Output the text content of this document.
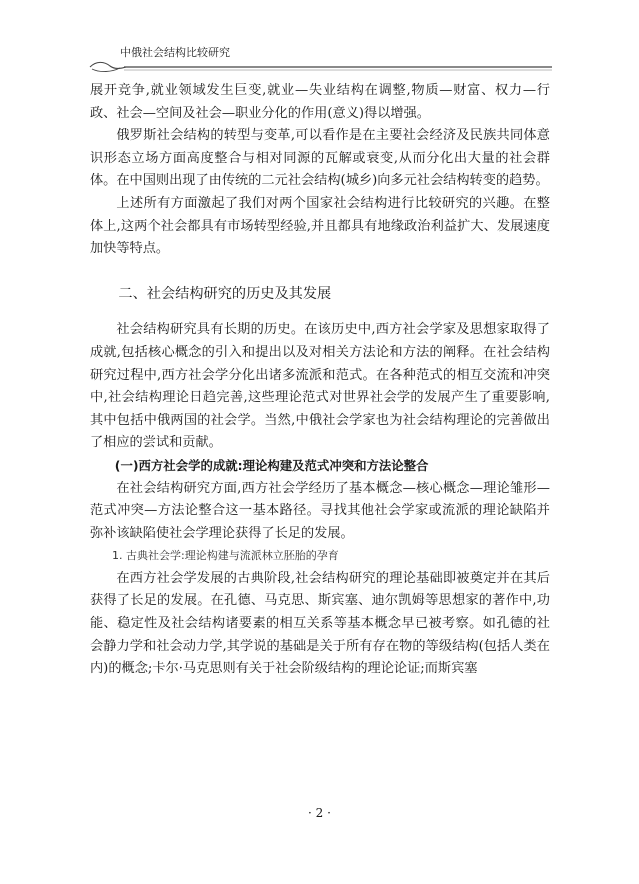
中俄社会结构比较研究

展开竞争,就业领域发生巨变,就业—失业结构在调整,物质—财富、权力—行政、社会—空间及社会—职业分化的作用(意义)得以增强。

俄罗斯社会结构的转型与变革,可以看作是在主要社会经济及民族共同体意识形态立场方面高度整合与相对同源的瓦解或衰变,从而分化出大量的社会群体。在中国则出现了由传统的二元社会结构(城乡)向多元社会结构转变的趋势。

上述所有方面激起了我们对两个国家社会结构进行比较研究的兴趣。在整体上,这两个社会都具有市场转型经验,并且都具有地缘政治利益扩大、发展速度加快等特点。

二、社会结构研究的历史及其发展

社会结构研究具有长期的历史。在该历史中,西方社会学家及思想家取得了成就,包括核心概念的引入和提出以及对相关方法论和方法的阐释。在社会结构研究过程中,西方社会学分化出诸多流派和范式。在各种范式的相互交流和冲突中,社会结构理论日趋完善,这些理论范式对世界社会学的发展产生了重要影响,其中包括中俄两国的社会学。当然,中俄社会学家也为社会结构理论的完善做出了相应的尝试和贡献。

(一)西方社会学的成就:理论构建及范式冲突和方法论整合

在社会结构研究方面,西方社会学经历了基本概念—核心概念—理论雏形—范式冲突—方法论整合这一基本路径。寻找其他社会学家或流派的理论缺陷并弥补该缺陷使社会学理论获得了长足的发展。

1. 古典社会学:理论构建与流派林立胚胎的孕育

在西方社会学发展的古典阶段,社会结构研究的理论基础即被奠定并在其后获得了长足的发展。在孔德、马克思、斯宾塞、迪尔凯姆等思想家的著作中,功能、稳定性及社会结构诸要素的相互关系等基本概念早已被考察。如孔德的社会静力学和社会动力学,其学说的基础是关于所有存在物的等级结构(包括人类在内)的概念;卡尔·马克思则有关于社会阶级结构的理论论证;而斯宾塞

· 2 ·
